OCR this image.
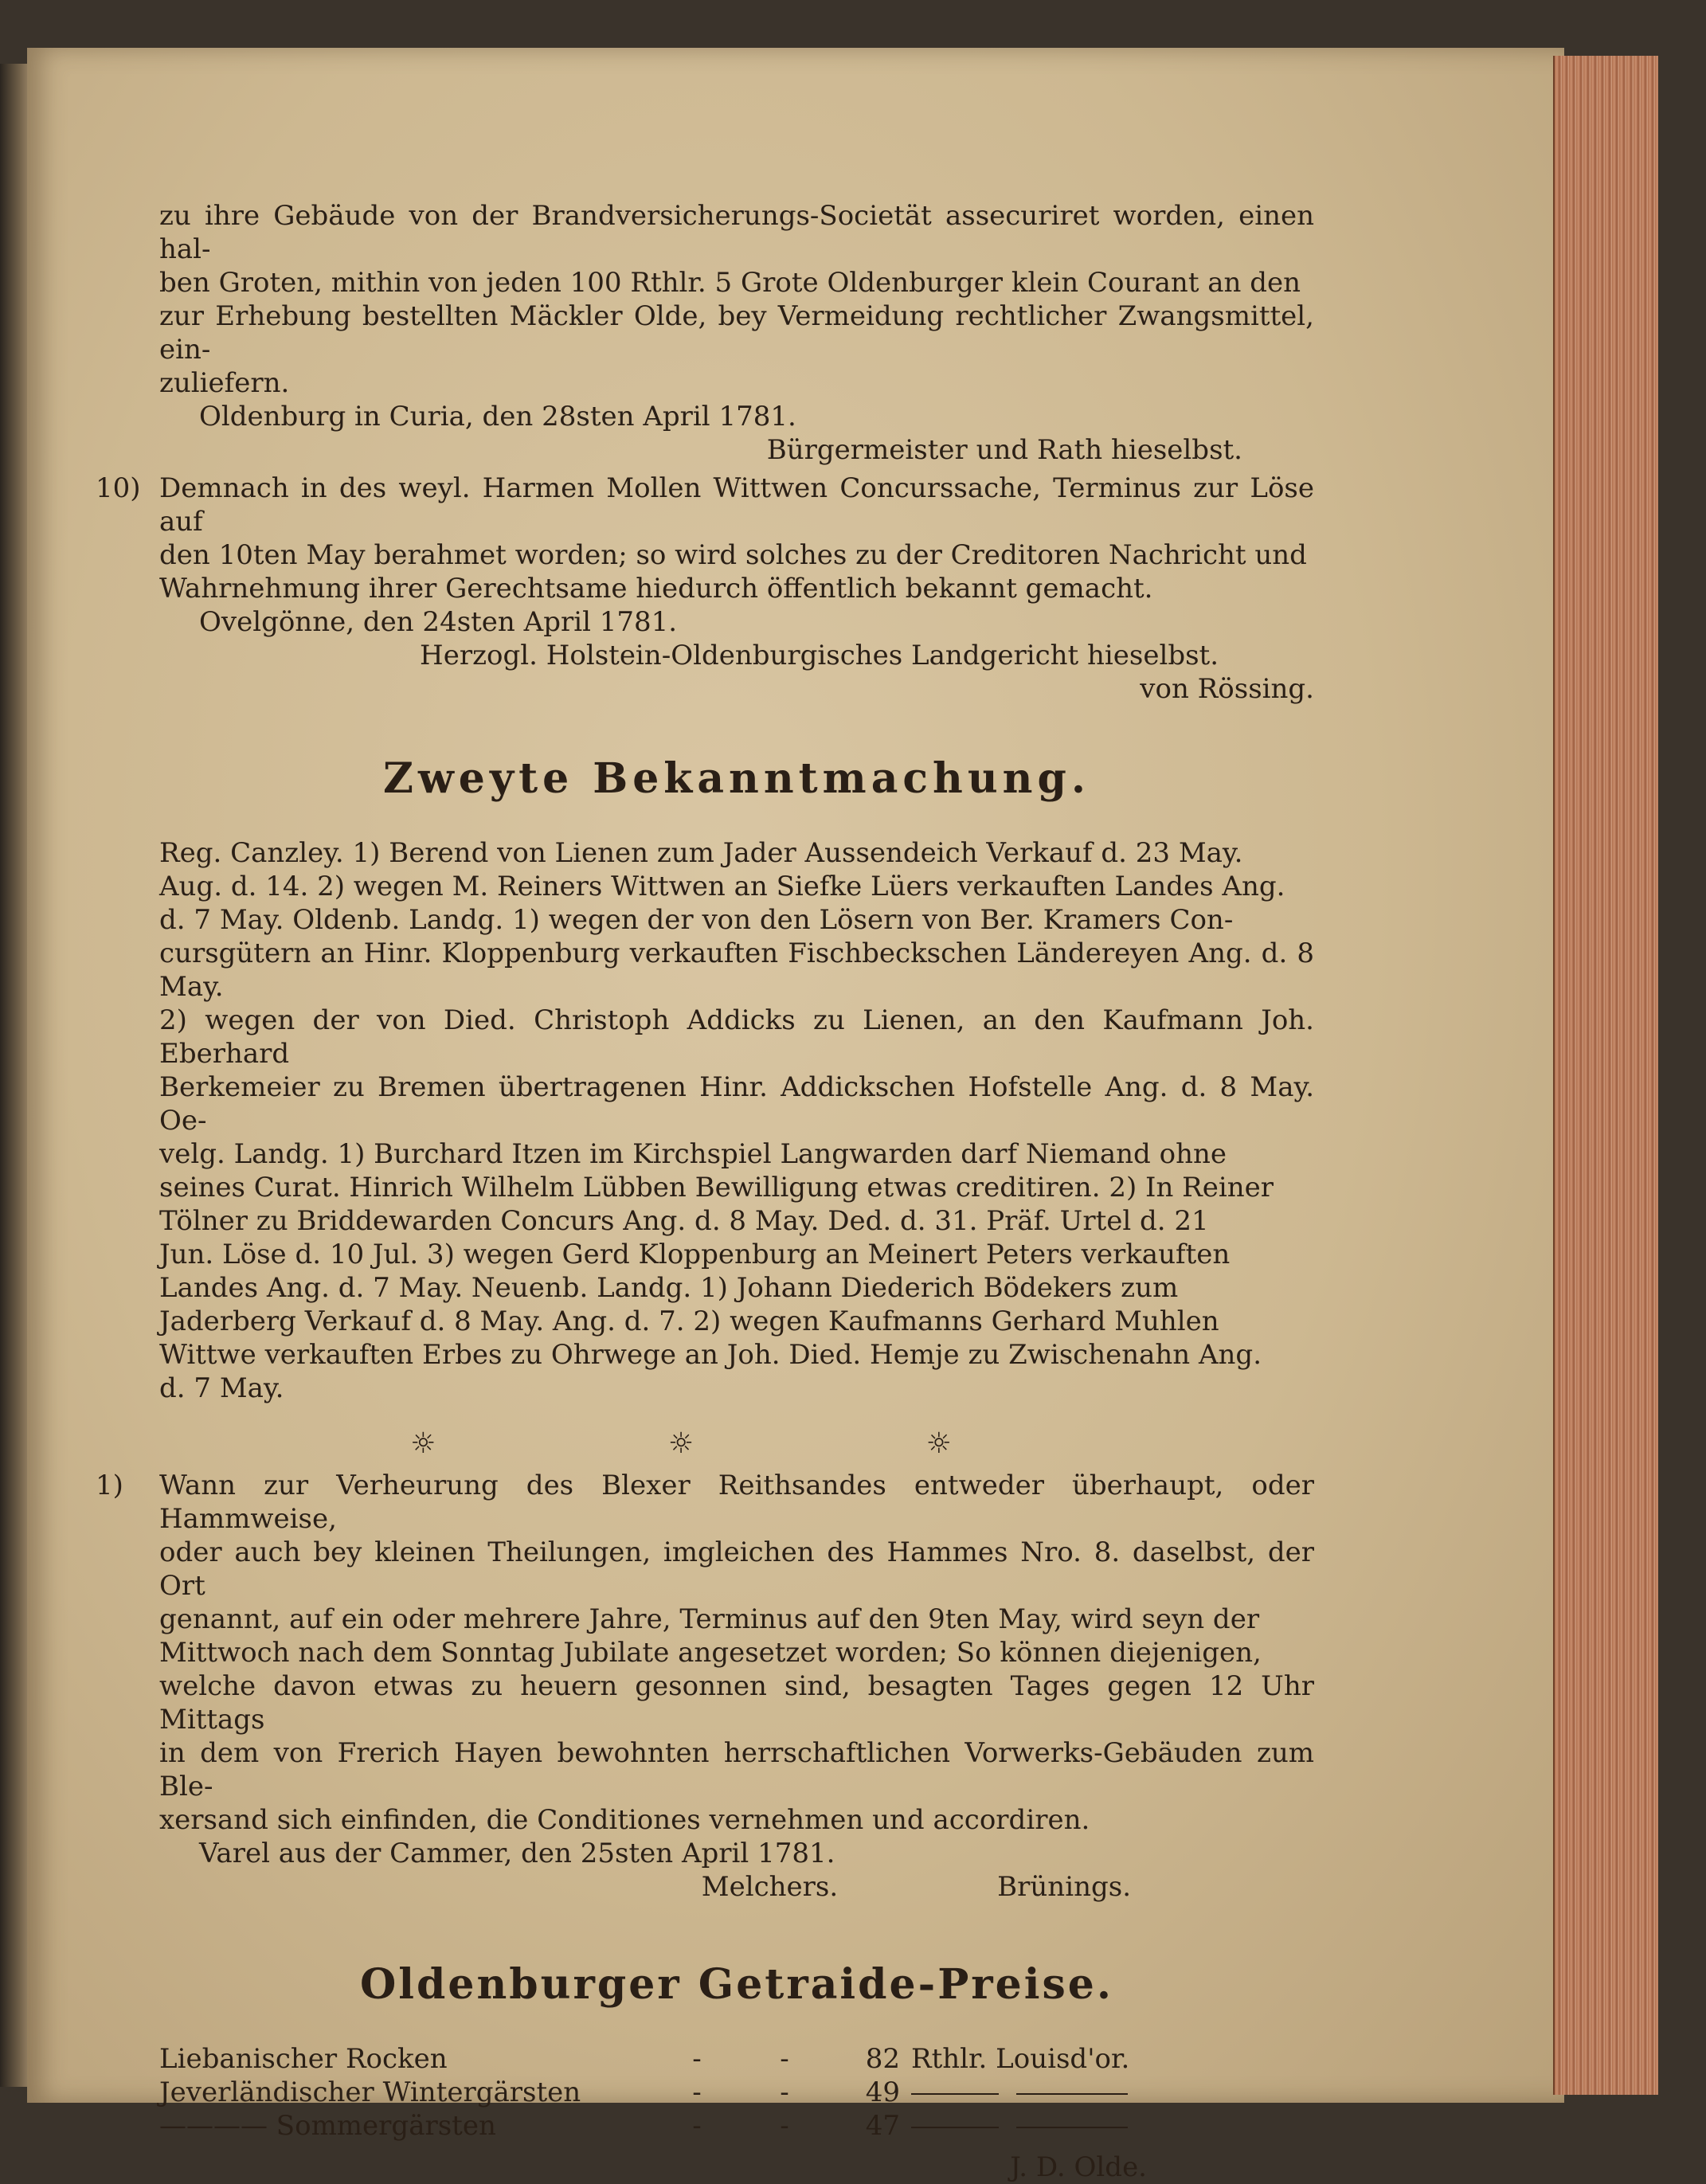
zu ihre Gebäude von der Brandversicherungs-Societät assecuriret worden, einen hal-

ben Groten, mithin von jeden 100 Rthlr. 5 Grote Oldenburger klein Courant an den

zur Erhebung bestellten Mäckler Olde, bey Vermeidung rechtlicher Zwangsmittel, ein-

zuliefern.

Oldenburg in Curia, den 28sten April 1781.

Bürgermeister und Rath hieselbst.

10) Demnach in des weyl. Harmen Mollen Wittwen Concurssache, Terminus zur Löse auf

den 10ten May berahmet worden; so wird solches zu der Creditoren Nachricht und

Wahrnehmung ihrer Gerechtsame hiedurch öffentlich bekannt gemacht.

Ovelgönne, den 24sten April 1781.

Herzogl. Holstein-Oldenburgisches Landgericht hieselbst.

von Rössing.

Zweyte Bekanntmachung.

Reg. Canzley. 1) Berend von Lienen zum Jader Aussendeich Verkauf d. 23 May.

Aug. d. 14. 2) wegen M. Reiners Wittwen an Siefke Lüers verkauften Landes Ang.

d. 7 May. Oldenb. Landg. 1) wegen der von den Lösern von Ber. Kramers Con-

cursgütern an Hinr. Kloppenburg verkauften Fischbeckschen Ländereyen Ang. d. 8 May.

2) wegen der von Died. Christoph Addicks zu Lienen, an den Kaufmann Joh. Eberhard

Berkemeier zu Bremen übertragenen Hinr. Addickschen Hofstelle Ang. d. 8 May. Oe-

velg. Landg. 1) Burchard Itzen im Kirchspiel Langwarden darf Niemand ohne

seines Curat. Hinrich Wilhelm Lübben Bewilligung etwas creditiren. 2) In Reiner

Tölner zu Briddewarden Concurs Ang. d. 8 May. Ded. d. 31. Präf. Urtel d. 21

Jun. Löse d. 10 Jul. 3) wegen Gerd Kloppenburg an Meinert Peters verkauften

Landes Ang. d. 7 May. Neuenb. Landg. 1) Johann Diederich Bödekers zum

Jaderberg Verkauf d. 8 May. Ang. d. 7. 2) wegen Kaufmanns Gerhard Muhlen

Wittwe verkauften Erbes zu Ohrwege an Joh. Died. Hemje zu Zwischenahn Ang.

d. 7 May.

☼ ☼ ☼

1) Wann zur Verheurung des Blexer Reithsandes entweder überhaupt, oder Hammweise,

oder auch bey kleinen Theilungen, imgleichen des Hammes Nro. 8. daselbst, der Ort

genannt, auf ein oder mehrere Jahre, Terminus auf den 9ten May, wird seyn der

Mittwoch nach dem Sonntag Jubilate angesetzet worden; So können diejenigen,

welche davon etwas zu heuern gesonnen sind, besagten Tages gegen 12 Uhr Mittags

in dem von Frerich Hayen bewohnten herrschaftlichen Vorwerks-Gebäuden zum Ble-

xersand sich einfinden, die Conditiones vernehmen und accordiren.

Varel aus der Cammer, den 25sten April 1781.

Melchers.	Brünings.
Oldenburger Getraide-Preise.
Liebanischer Rocken	-	-	82 Rthlr. Louisd'or.
Jeverländischer Wintergärsten	-	-	49

———— Sommergärsten	-	-	47

J. D. Olde.
